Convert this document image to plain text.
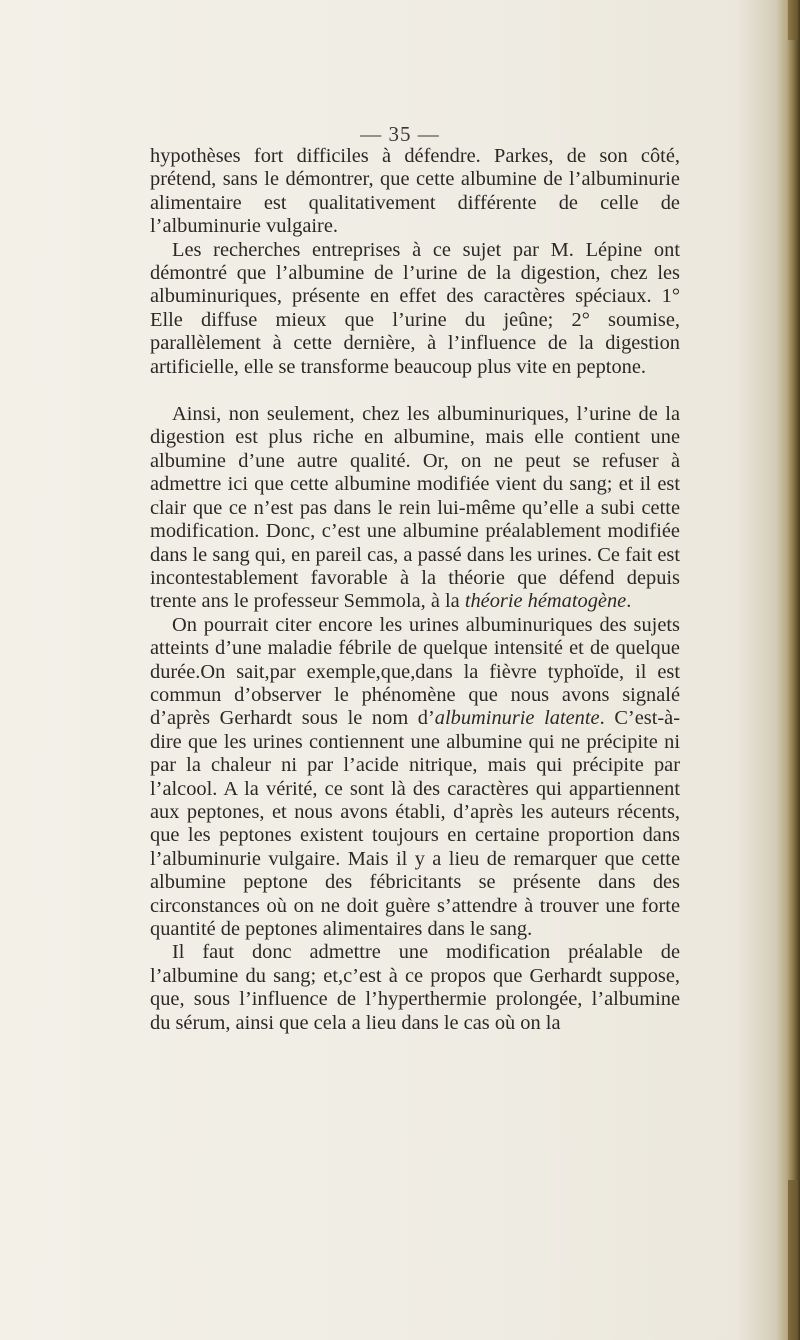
— 35 —

hypothèses fort difficiles à défendre. Parkes, de son côté, prétend, sans le démontrer, que cette albumine de l’albuminurie alimentaire est qualitativement différente de celle de l’albuminurie vulgaire.

Les recherches entreprises à ce sujet par M. Lépine ont démontré que l’albumine de l’urine de la digestion, chez les albuminuriques, présente en effet des caractères spéciaux. 1° Elle diffuse mieux que l’urine du jeûne; 2° soumise, parallèlement à cette dernière, à l’influence de la digestion artificielle, elle se transforme beaucoup plus vite en peptone.

Ainsi, non seulement, chez les albuminuriques, l’urine de la digestion est plus riche en albumine, mais elle contient une albumine d’une autre qualité. Or, on ne peut se refuser à admettre ici que cette albumine modifiée vient du sang; et il est clair que ce n’est pas dans le rein lui-même qu’elle a subi cette modification. Donc, c’est une albumine préalablement modifiée dans le sang qui, en pareil cas, a passé dans les urines. Ce fait est incontestablement favorable à la théorie que défend depuis trente ans le professeur Semmola, à la théorie hématogène.

On pourrait citer encore les urines albuminuriques des sujets atteints d’une maladie fébrile de quelque intensité et de quelque durée.On sait,par exemple,que,dans la fièvre typhoïde, il est commun d’observer le phénomène que nous avons signalé d’après Gerhardt sous le nom d’albuminurie latente. C’est-à-dire que les urines contiennent une albumine qui ne précipite ni par la chaleur ni par l’acide nitrique, mais qui précipite par l’alcool. A la vérité, ce sont là des caractères qui appartiennent aux peptones, et nous avons établi, d’après les auteurs récents, que les peptones existent toujours en certaine proportion dans l’albuminurie vulgaire. Mais il y a lieu de remarquer que cette albumine peptone des fébricitants se présente dans des circonstances où on ne doit guère s’attendre à trouver une forte quantité de peptones alimentaires dans le sang.

Il faut donc admettre une modification préalable de l’albumine du sang; et,c’est à ce propos que Gerhardt suppose, que, sous l’influence de l’hyperthermie prolongée, l’albumine du sérum, ainsi que cela a lieu dans le cas où on la
